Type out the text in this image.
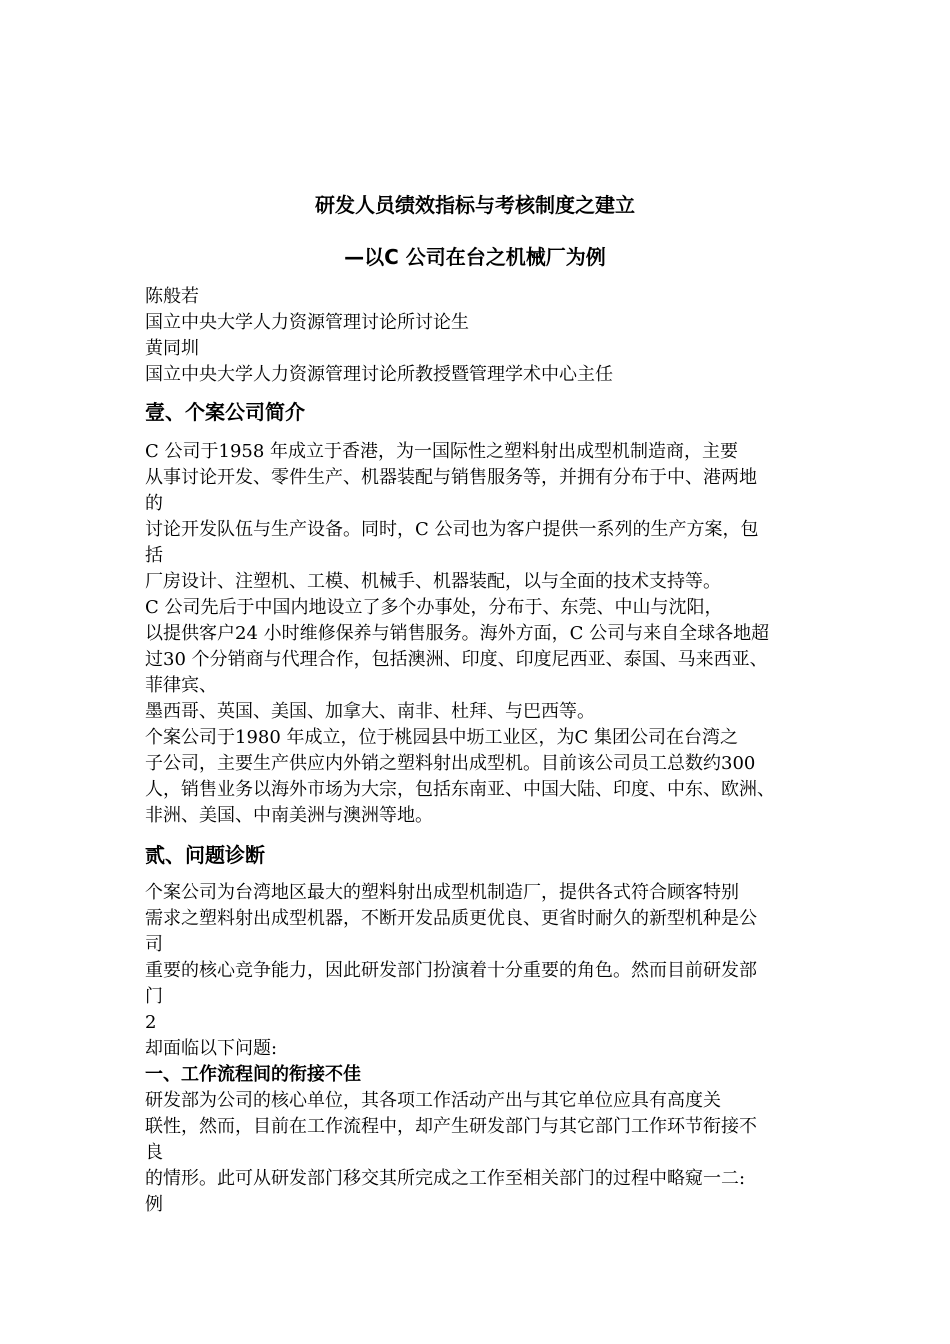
研发人员绩效指标与考核制度之建立
—以C 公司在台之机械厂为例
陈般若
国立中央大学人力资源管理讨论所讨论生
黄同圳
国立中央大学人力资源管理讨论所教授暨管理学术中心主任
壹、个案公司简介
C 公司于1958 年成立于香港，为一国际性之塑料射出成型机制造商，主要
从事讨论开发、零件生产、机器装配与销售服务等，并拥有分布于中、港两地
的
讨论开发队伍与生产设备。同时，C 公司也为客户提供一系列的生产方案，包
括
厂房设计、注塑机、工模、机械手、机器装配，以与全面的技术支持等。
C 公司先后于中国内地设立了多个办事处，分布于、东莞、中山与沈阳，
以提供客户24 小时维修保养与销售服务。海外方面，C 公司与来自全球各地超
过30 个分销商与代理合作，包括澳洲、印度、印度尼西亚、泰国、马来西亚、
菲律宾、
墨西哥、英国、美国、加拿大、南非、杜拜、与巴西等。
个案公司于1980 年成立，位于桃园县中坜工业区，为C 集团公司在台湾之
子公司，主要生产供应内外销之塑料射出成型机。目前该公司员工总数约300
人，销售业务以海外市场为大宗，包括东南亚、中国大陆、印度、中东、欧洲、
非洲、美国、中南美洲与澳洲等地。
贰、问题诊断
个案公司为台湾地区最大的塑料射出成型机制造厂，提供各式符合顾客特别
需求之塑料射出成型机器，不断开发品质更优良、更省时耐久的新型机种是公
司
重要的核心竞争能力，因此研发部门扮演着十分重要的角色。然而目前研发部
门
2
却面临以下问题:
一、工作流程间的衔接不佳
研发部为公司的核心单位，其各项工作活动产出与其它单位应具有高度关
联性，然而，目前在工作流程中，却产生研发部门与其它部门工作环节衔接不
良
的情形。此可从研发部门移交其所完成之工作至相关部门的过程中略窥一二:
例
